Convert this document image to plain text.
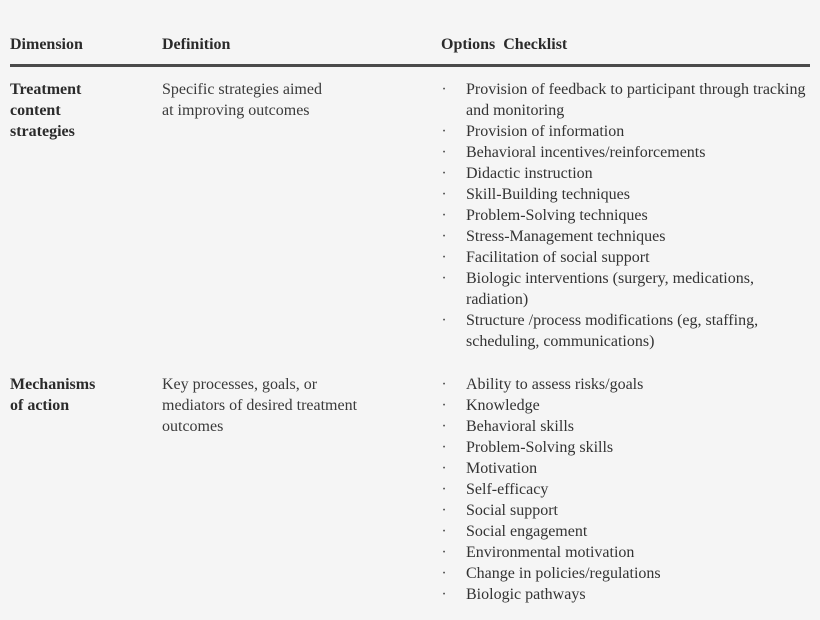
Dimension	Definition	Options  Checklist
Treatment
content
strategies
Specific strategies aimed
at improving outcomes
· Provision of feedback to participant through tracking and monitoring
· Provision of information
· Behavioral incentives/reinforcements
· Didactic instruction
· Skill-Building techniques
· Problem-Solving techniques
· Stress-Management techniques
· Facilitation of social support
· Biologic interventions (surgery, medications, radiation)
· Structure /process modifications (eg, staffing, scheduling, communications)
Mechanisms
of action
Key processes, goals, or
mediators of desired treatment
outcomes
· Ability to assess risks/goals
· Knowledge
· Behavioral skills
· Problem-Solving skills
· Motivation
· Self-efficacy
· Social support
· Social engagement
· Environmental motivation
· Change in policies/regulations
· Biologic pathways
